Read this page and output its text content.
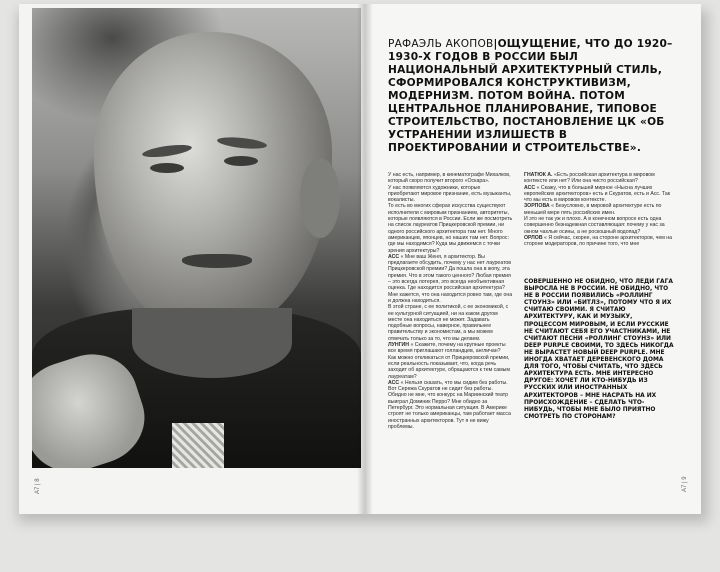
А7 | 8
РАФАЭЛЬ АКОПОВ|ОЩУЩЕНИЕ, ЧТО ДО 1920–1930-Х ГОДОВ В РОССИИ БЫЛ НАЦИОНАЛЬНЫЙ АРХИТЕКТУРНЫЙ СТИЛЬ, СФОРМИРОВАЛСЯ КОНСТРУКТИВИЗМ, МОДЕРНИЗМ. ПОТОМ ВОЙНА. ПОТОМ ЦЕНТРАЛЬНОЕ ПЛАНИРОВАНИЕ, ТИПОВОЕ СТРОИТЕЛЬСТВО, ПОСТАНОВЛЕНИЕ ЦК «ОБ УСТРАНЕНИИ ИЗЛИШЕСТВ В ПРОЕКТИРОВАНИИ И СТРОИТЕЛЬСТВЕ».

У нас есть, например, в кинематографе Михалков, который скоро получит второго «Оскара».

У нас появляются художники, которые приобретают мировое признание, есть музыканты, вокалисты.

То есть во многих сферах искусства существуют исполнители с мировым признанием, авторитеты, которые появляются в России. Если же посмотреть на список лауреатов Прицкеровской премии, ни одного российского архитектора там нет. Много американцев, японцев, но наших там нет. Вопрос: где мы находимся? Куда мы движемся с точки зрения архитектуры?

АСС « Мне ваш Женя, я архитектор. Вы предлагаете обсудить, почему у нас нет лауреатов Прицкеровской премии? Да пошла она в жопу, эта премия. Что в этом такого ценного? Любая премия – это всегда лотерея, это всегда необъективная оценка. Где находится российская архитектура? Мне кажется, что она находится ровно там, где она и должна находиться.

В этой стране, с ее политикой, с ее экономикой, с ее культурной ситуацией, ни на каком другом месте она находиться не может. Задавать подобные вопросы, наверное, правильнее правительству и экономистам, а мы можем отвечать только за то, что мы делаем.

ЛУНГИН « Скажите, почему на крупные проекты все время приглашают голландцев, англичан?

Как можно откликаться от Прицкеровской премии, если реальность показывает, что, когда речь заходит об архитектуре, обращаются к тем самым лауреатам?

АСС « Нельзя сказать, что мы сидим без работы. Вот Сережа Скуратов не сидит без работы.

Обидно не мне, что конкурс на Мариинский театр выиграл Доминик Перро? Мне обидно за Петербург. Это нормальная ситуация. В Америке строят не только американцы, там работает масса иностранных архитекторов. Тут я не вижу проблемы.

ГНАТЮК А. «Есть российская архитектура в мировом контексте или нет? Или она чисто российская?

АСС « Скажу, что в большей мирное «Нысна лучших европейских архитекторов» есть и Скуратов, есть и Асс. Так что мы есть в мировом контексте.

ЗОРПОВА « Безусловно, в мировой архитектуре есть по меньшей мере пять российских имен.

И это не так уж и плохо. А в конечном вопросе есть одна совершенно безнадежная составляющая: почему у нас за окном чахлые осины, а не роскошный водопад?

ОРЛОВ « Я сейчас, скорее, на стороне архитекторов, чем на стороне модераторов, по причине того, что мне

СОВЕРШЕННО НЕ ОБИДНО, ЧТО ЛЕДИ ГАГА ВЫРОСЛА НЕ В РОССИИ. НЕ ОБИДНО, ЧТО НЕ В РОССИИ ПОЯВИЛИСЬ «РОЛЛИНГ СТОУНЗ» ИЛИ «БИТЛЗ», ПОТОМУ ЧТО Я ИХ СЧИТАЮ СВОИМИ. Я СЧИТАЮ АРХИТЕКТУРУ, КАК И МУЗЫКУ, ПРОЦЕССОМ МИРОВЫМ, И ЕСЛИ РУССКИЕ НЕ СЧИТАЮТ СЕБЯ ЕГО УЧАСТНИКАМИ, НЕ СЧИТАЮТ ПЕСНИ «РОЛЛИНГ СТОУНЗ» ИЛИ DEEP PURPLE СВОИМИ, ТО ЗДЕСЬ НИКОГДА НЕ ВЫРАСТЕТ НОВЫЙ DEEP PURPLE. МНЕ ИНОГДА ХВАТАЕТ ДЕРЕВЕНСКОГО ДОМА ДЛЯ ТОГО, ЧТОБЫ СЧИТАТЬ, ЧТО ЗДЕСЬ АРХИТЕКТУРА ЕСТЬ. МНЕ ИНТЕРЕСНО ДРУГОЕ: ХОЧЕТ ЛИ КТО-НИБУДЬ ИЗ РУССКИХ ИЛИ ИНОСТРАННЫХ АРХИТЕКТОРОВ – МНЕ НАСРАТЬ НА ИХ ПРОИСХОЖДЕНИЕ – СДЕЛАТЬ ЧТО-НИБУДЬ, ЧТОБЫ МНЕ БЫЛО ПРИЯТНО СМОТРЕТЬ ПО СТОРОНАМ?

А7 | 9
